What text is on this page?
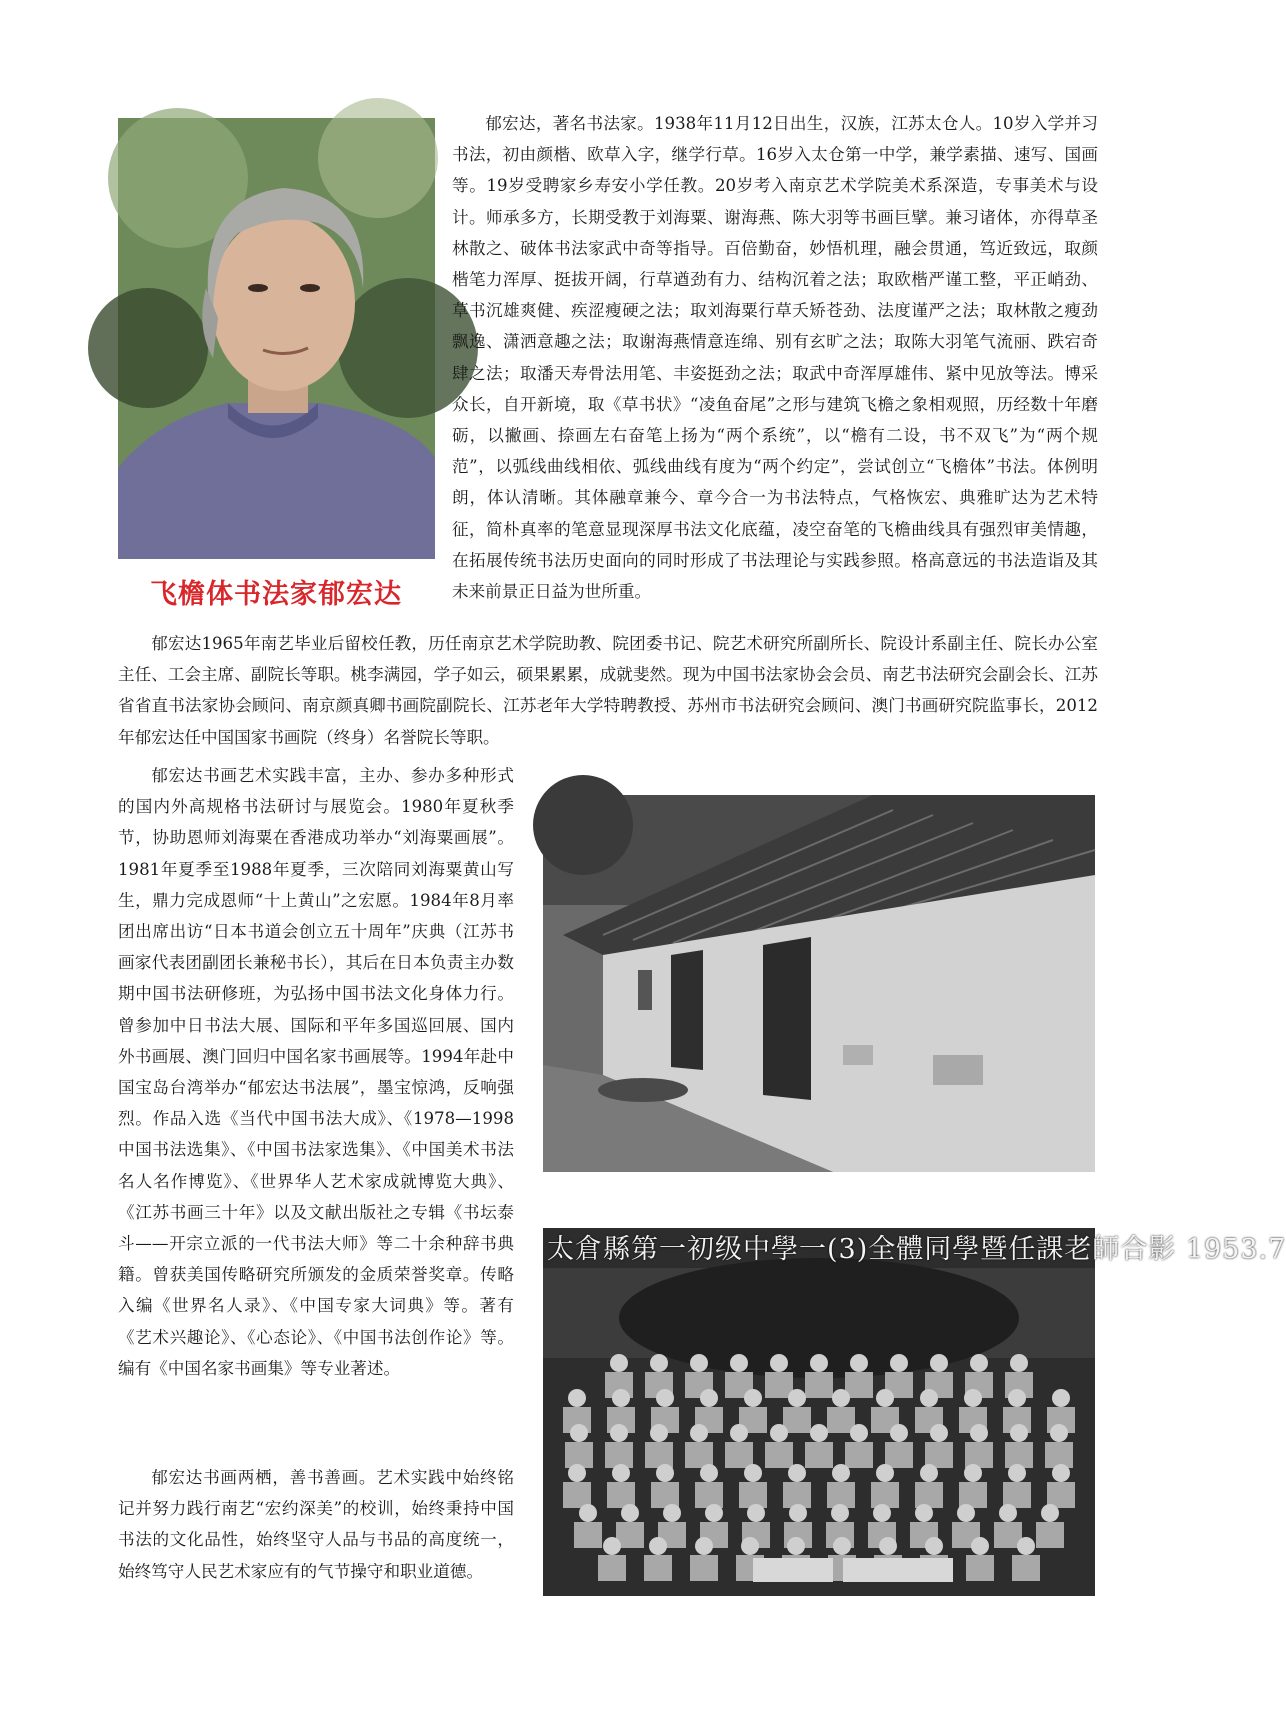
飞檐体书法家郁宏达

郁宏达，著名书法家。1938年11月12日出生，汉族，江苏太仓人。10岁入学并习书法，初由颜楷、欧草入字，继学行草。16岁入太仓第一中学，兼学素描、速写、国画等。19岁受聘家乡寿安小学任教。20岁考入南京艺术学院美术系深造，专事美术与设计。师承多方，长期受教于刘海粟、谢海燕、陈大羽等书画巨擘。兼习诸体，亦得草圣林散之、破体书法家武中奇等指导。百倍勤奋，妙悟机理，融会贯通，笃近致远，取颜楷笔力浑厚、挺拔开阔，行草遒劲有力、结构沉着之法；取欧楷严谨工整，平正峭劲、草书沉雄爽健、疾涩瘦硬之法；取刘海粟行草夭矫苍劲、法度谨严之法；取林散之瘦劲飘逸、潇洒意趣之法；取谢海燕情意连绵、别有玄旷之法；取陈大羽笔气流丽、跌宕奇肆之法；取潘天寿骨法用笔、丰姿挺劲之法；取武中奇浑厚雄伟、紧中见放等法。博采众长，自开新境，取《草书状》“凌鱼奋尾”之形与建筑飞檐之象相观照，历经数十年磨砺，以撇画、捺画左右奋笔上扬为“两个系统”，以“檐有二设，书不双飞”为“两个规范”，以弧线曲线相依、弧线曲线有度为“两个约定”，尝试创立“飞檐体”书法。体例明朗，体认清晰。其体融章兼今、章今合一为书法特点，气格恢宏、典雅旷达为艺术特征，简朴真率的笔意显现深厚书法文化底蕴，凌空奋笔的飞檐曲线具有强烈审美情趣，在拓展传统书法历史面向的同时形成了书法理论与实践参照。格高意远的书法造诣及其未来前景正日益为世所重。

郁宏达1965年南艺毕业后留校任教，历任南京艺术学院助教、院团委书记、院艺术研究所副所长、院设计系副主任、院长办公室主任、工会主席、副院长等职。桃李满园，学子如云，硕果累累，成就斐然。现为中国书法家协会会员、南艺书法研究会副会长、江苏省省直书法家协会顾问、南京颜真卿书画院副院长、江苏老年大学特聘教授、苏州市书法研究会顾问、澳门书画研究院监事长，2012年郁宏达任中国国家书画院（终身）名誉院长等职。

郁宏达书画艺术实践丰富，主办、参办多种形式的国内外高规格书法研讨与展览会。1980年夏秋季节，协助恩师刘海粟在香港成功举办“刘海粟画展”。1981年夏季至1988年夏季，三次陪同刘海粟黄山写生，鼎力完成恩师“十上黄山”之宏愿。1984年8月率团出席出访“日本书道会创立五十周年”庆典（江苏书画家代表团副团长兼秘书长），其后在日本负责主办数期中国书法研修班，为弘扬中国书法文化身体力行。曾参加中日书法大展、国际和平年多国巡回展、国内外书画展、澳门回归中国名家书画展等。1994年赴中国宝岛台湾举办“郁宏达书法展”，墨宝惊鸿，反响强烈。作品入选《当代中国书法大成》、《1978—1998中国书法选集》、《中国书法家选集》、《中国美术书法名人名作博览》、《世界华人艺术家成就博览大典》、《江苏书画三十年》以及文献出版社之专辑《书坛泰斗——开宗立派的一代书法大师》等二十余种辞书典籍。曾获美国传略研究所颁发的金质荣誉奖章。传略入编《世界名人录》、《中国专家大词典》等。著有《艺术兴趣论》、《心态论》、《中国书法创作论》等。编有《中国名家书画集》等专业著述。

郁宏达书画两栖，善书善画。艺术实践中始终铭记并努力践行南艺“宏约深美”的校训，始终秉持中国书法的文化品性，始终坚守人品与书品的高度统一，始终笃守人民艺术家应有的气节操守和职业道德。

太倉縣第一初级中學一(3)全體同學暨任課老師合影 1953.7
